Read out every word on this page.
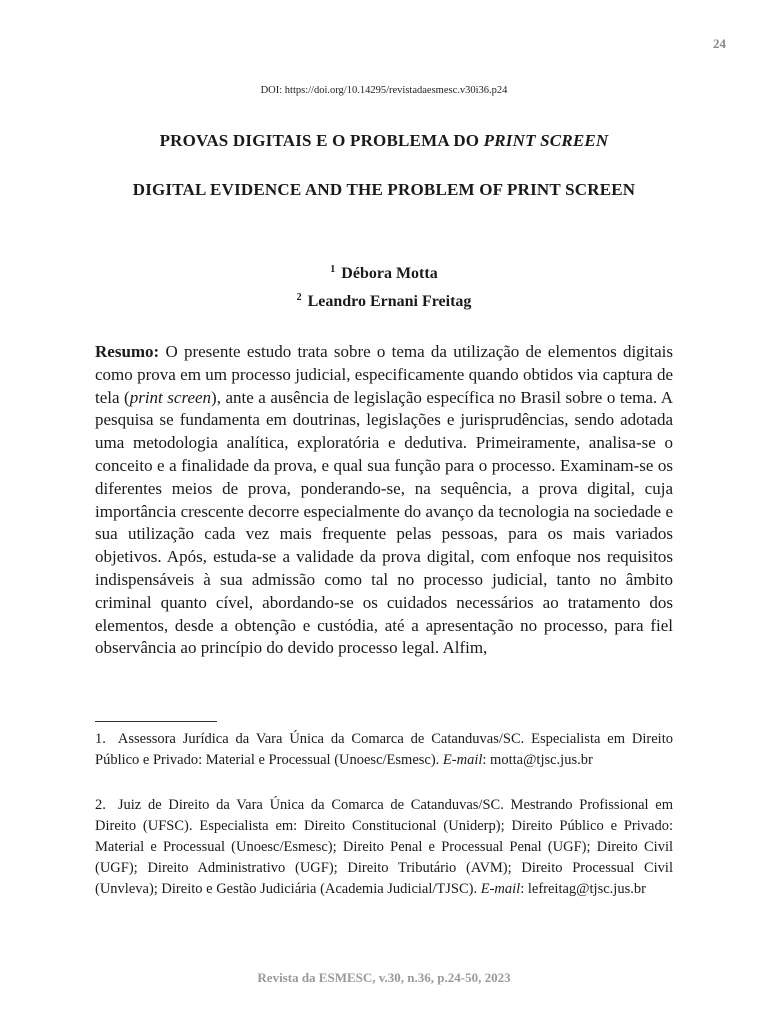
24
DOI: https://doi.org/10.14295/revistadaesmesc.v30i36.p24
PROVAS DIGITAIS E O PROBLEMA DO PRINT SCREEN
DIGITAL EVIDENCE AND THE PROBLEM OF PRINT SCREEN
$^1$ Débora Motta
$^2$ Leandro Ernani Freitag

Resumo: O presente estudo trata sobre o tema da utilização de elementos digitais como prova em um processo judicial, especificamente quando obtidos via captura de tela (print screen), ante a ausência de legislação específica no Brasil sobre o tema. A pesquisa se fundamenta em doutrinas, legislações e jurisprudências, sendo adotada uma metodologia analítica, exploratória e dedutiva. Primeiramente, analisa-se o conceito e a finalidade da prova, e qual sua função para o processo. Examinam-se os diferentes meios de prova, ponderando-se, na sequência, a prova digital, cuja importância crescente decorre especialmente do avanço da tecnologia na sociedade e sua utilização cada vez mais frequente pelas pessoas, para os mais variados objetivos. Após, estuda-se a validade da prova digital, com enfoque nos requisitos indispensáveis à sua admissão como tal no processo judicial, tanto no âmbito criminal quanto cível, abordando-se os cuidados necessários ao tratamento dos elementos, desde a obtenção e custódia, até a apresentação no processo, para fiel observância ao princípio do devido processo legal. Alfim,

1. Assessora Jurídica da Vara Única da Comarca de Catanduvas/SC. Especialista em Direito Público e Privado: Material e Processual (Unoesc/Esmesc). E-mail: motta@tjsc.jus.br

2. Juiz de Direito da Vara Única da Comarca de Catanduvas/SC. Mestrando Profissional em Direito (UFSC). Especialista em: Direito Constitucional (Uniderp); Direito Público e Privado: Material e Processual (Unoesc/Esmesc); Direito Penal e Processual Penal (UGF); Direito Civil (UGF); Direito Administrativo (UGF); Direito Tributário (AVM); Direito Processual Civil (Unvleva); Direito e Gestão Judiciária (Academia Judicial/TJSC). E-mail: lefreitag@tjsc.jus.br

Revista da ESMESC, v.30, n.36, p.24-50, 2023
